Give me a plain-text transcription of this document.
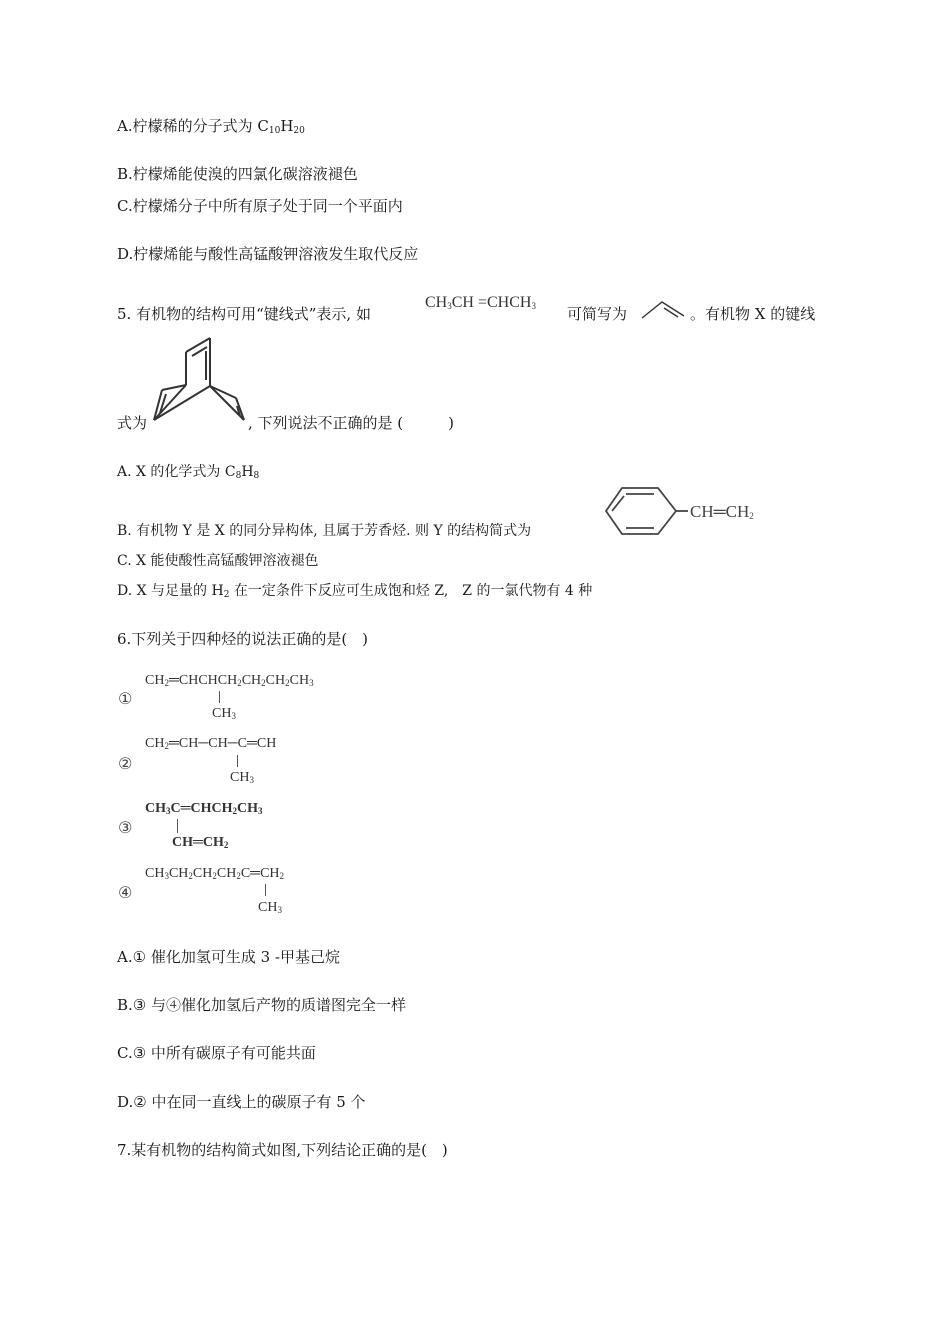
A.柠檬稀的分子式为 $C_{10}H_{20}$
B.柠檬烯能使溴的四氯化碳溶液褪色
C.柠檬烯分子中所有原子处于同一个平面内
D.柠檬烯能与酸性高锰酸钾溶液发生取代反应
5. 有机物的结构可用“键线式”表示, 如
$CH_3CH$ $=CHCH_3$ 可简写为	。有机物 X 的键线
式为	, 下列说法不正确的是 (　　　)
A. X 的化学式为 $C_8H_8$
B. 有机物 Y 是 X 的同分异构体, 且属于芳香烃. 则 Y 的结构简式为
$CH═CH_2$
C. X 能使酸性高锰酸钾溶液褪色
D. X 与足量的 $H_2$ 在一定条件下反应可生成饱和烃 Z,　Z 的一氯代物有 4 种
6.下列关于四种烃的说法正确的是(　)
①
$CH_2═CHCHCH_2CH_2CH_2CH_3$
$CH_3$
②
$CH_2═CH─CH─C═CH$
$CH_3$
③
$CH_3C═CHCH_2CH_3$
$CH═CH_2$
④
$CH_3CH_2CH_2CH_2C═CH_2$
$CH_3$
A.① 催化加氢可生成 3 -甲基己烷
B.③ 与④催化加氢后产物的质谱图完全一样
C.③ 中所有碳原子有可能共面
D.② 中在同一直线上的碳原子有 5 个
7.某有机物的结构简式如图,下列结论正确的是(　)
